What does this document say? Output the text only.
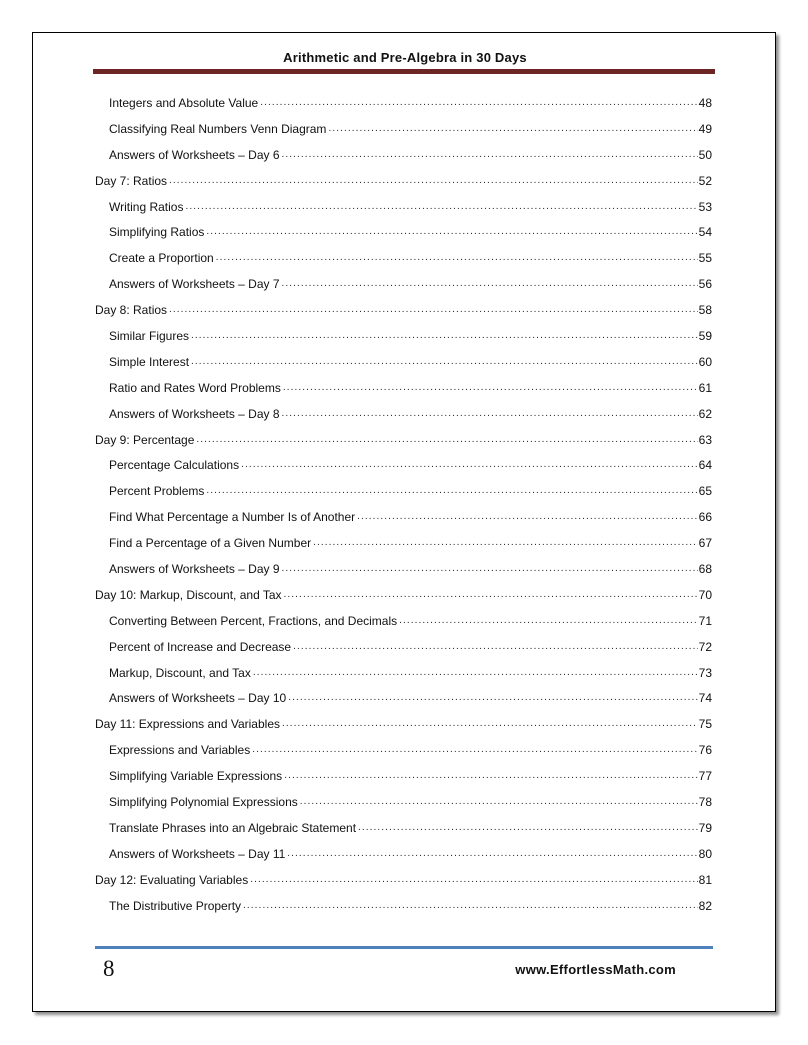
Arithmetic and Pre-Algebra in 30 Days
Integers and Absolute Value .....	48
Classifying Real Numbers Venn Diagram .....	49
Answers of Worksheets – Day 6 .....	50
Day 7: Ratios .....	52
Writing Ratios .....	53
Simplifying Ratios .....	54
Create a Proportion .....	55
Answers of Worksheets – Day 7 .....	56
Day 8: Ratios .....	58
Similar Figures .....	59
Simple Interest .....	60
Ratio and Rates Word Problems .....	61
Answers of Worksheets – Day 8 .....	62
Day 9: Percentage .....	63
Percentage Calculations .....	64
Percent Problems .....	65
Find What Percentage a Number Is of Another .....	66
Find a Percentage of a Given Number .....	67
Answers of Worksheets – Day 9 .....	68
Day 10: Markup, Discount, and Tax .....	70
Converting Between Percent, Fractions, and Decimals .....	71
Percent of Increase and Decrease .....	72
Markup, Discount, and Tax .....	73
Answers of Worksheets – Day 10 .....	74
Day 11: Expressions and Variables .....	75
Expressions and Variables .....	76
Simplifying Variable Expressions .....	77
Simplifying Polynomial Expressions .....	78
Translate Phrases into an Algebraic Statement .....	79
Answers of Worksheets – Day 11 .....	80
Day 12: Evaluating Variables .....	81
The Distributive Property .....	82
8	www.EffortlessMath.com
